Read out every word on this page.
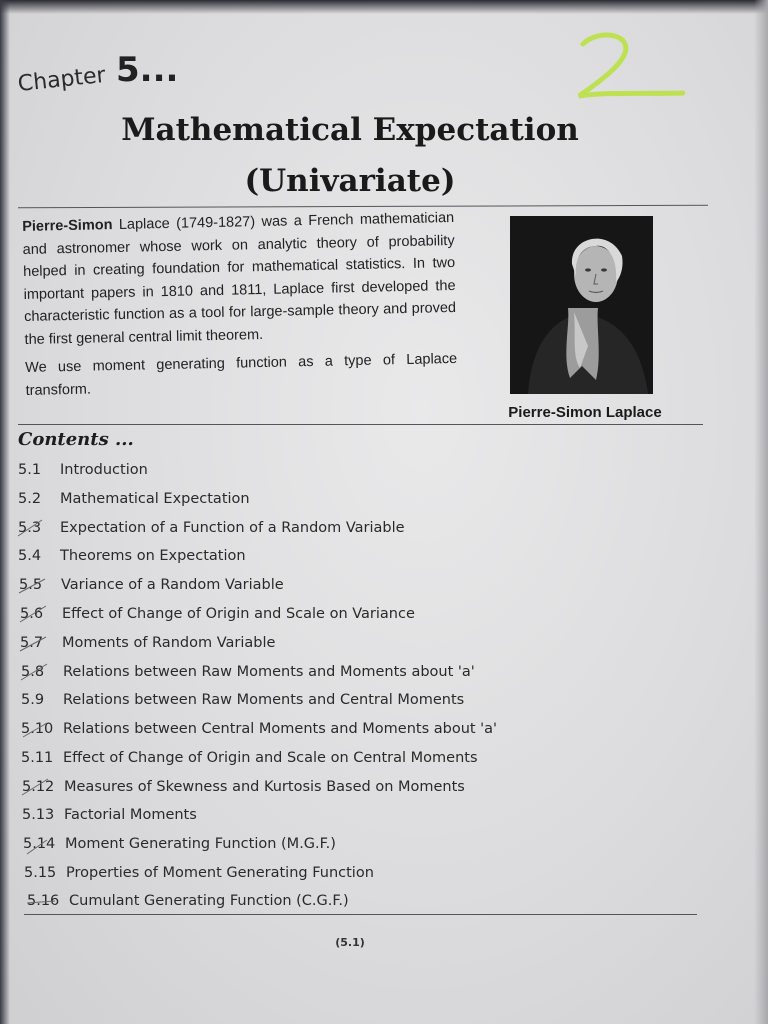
Chapter 5...
Mathematical Expectation
(Univariate)

Pierre-Simon Laplace (1749-1827) was a French mathematician and astronomer whose work on analytic theory of probability helped in creating foundation for mathematical statistics. In two important papers in 1810 and 1811, Laplace first developed the characteristic function as a tool for large-sample theory and proved the first general central limit theorem.

We use moment generating function as a type of Laplace transform.

Pierre-Simon Laplace
Contents ...
5.1 Introduction
5.2 Mathematical Expectation
5.3 Expectation of a Function of a Random Variable
5.4 Theorems on Expectation
5.5 Variance of a Random Variable
5.6 Effect of Change of Origin and Scale on Variance
5.7 Moments of Random Variable
5.8 Relations between Raw Moments and Moments about 'a'
5.9 Relations between Raw Moments and Central Moments
5.10 Relations between Central Moments and Moments about 'a'
5.11 Effect of Change of Origin and Scale on Central Moments
5.12 Measures of Skewness and Kurtosis Based on Moments
5.13 Factorial Moments
5.14 Moment Generating Function (M.G.F.)
5.15 Properties of Moment Generating Function
5.16 Cumulant Generating Function (C.G.F.)
(5.1)
